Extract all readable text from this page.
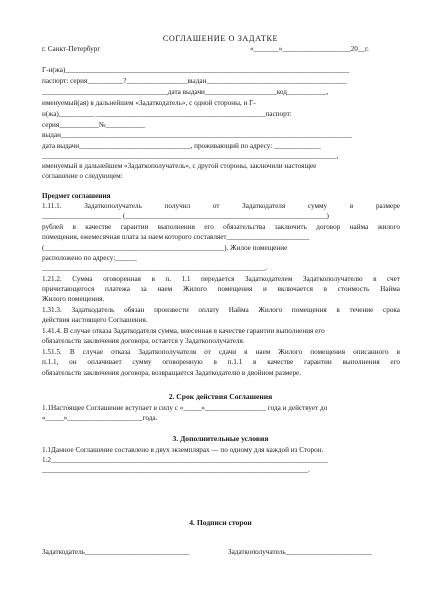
СОГЛАШЕНИЕ О ЗАДАТКЕ
г. Санкт-Петербург	«_______»___________________20__г.
Г-н(жа)_______________________________________________________________________________
паспорт: серия__________?_________________выдан_______________________________________
___________________________________дата выдачи____________________код___________,
именуемый(ая) в дальнейшем «Задаткодатель», с одной стороны, и Г-
н(жа)__________ _______________________________________________паспорт:
серия___________№___________
выдан_________________________________________________________________________________
дата выдачи_______________________________, проживающий по адресу: _____________
__________________________________________________________________________________,
именуемый в дальнейшем «Задаткополучатель», с другой стороны, заключили настоящее
соглашение о следующем:
Предмет соглашения
1.11.1. Задаткополучатель получил от Задаткодателя сумму в размере
______________________ (________________________________________________________)
рублей в качестве гарантии выполнения его обязательства заключить договор найма жилого
помещения, ежемесячная плата за наем которого составляет_______________________
(__________________________________________________). Жилое помещение
расположено по адресу:______
______________________________________________________________.
1.21.2. Сумма оговоренная в п. 1.1 передается Задаткодателем Задаткополучателю в счет
причитающегося платежа за наем Жилого помещения и включается в стоимость Найма
Жилого помещения.
1.31.3. Задаткодатель обязан произвести оплату Найма Жилого помещения в течение срока
действия настоящего Соглашения.
1.41.4. В случае отказа Задаткодателя сумма, внесенная в качестве гарантии выполнения его
обязательств заключения договора, остается у Задаткополучателя.
1.51.5. В случае отказа Задаткополучателя от сдачи в наем Жилого помещения описанного в
п.1.1, он оплачивает сумму оговоренную в п.1.1 в качестве гарантии выполнения его
обязательств заключения договора, возвращается Задаткодателю в двойном размере.
2. Срок действия Соглашения
1.1Настоящее Соглашение вступает в силу с «_____»_________________ года и действует до
«_____»_____________________года.
3. Дополнительные условия
1.1Данное Соглашение составлено в двух экземплярах — по одному для каждой из Сторон.
1.2_____________________________________________________________________________
__________________________________________________________________________.
4. Подписи сторон
Задаткодатель_____________________________	Задаткополучатель________________________
